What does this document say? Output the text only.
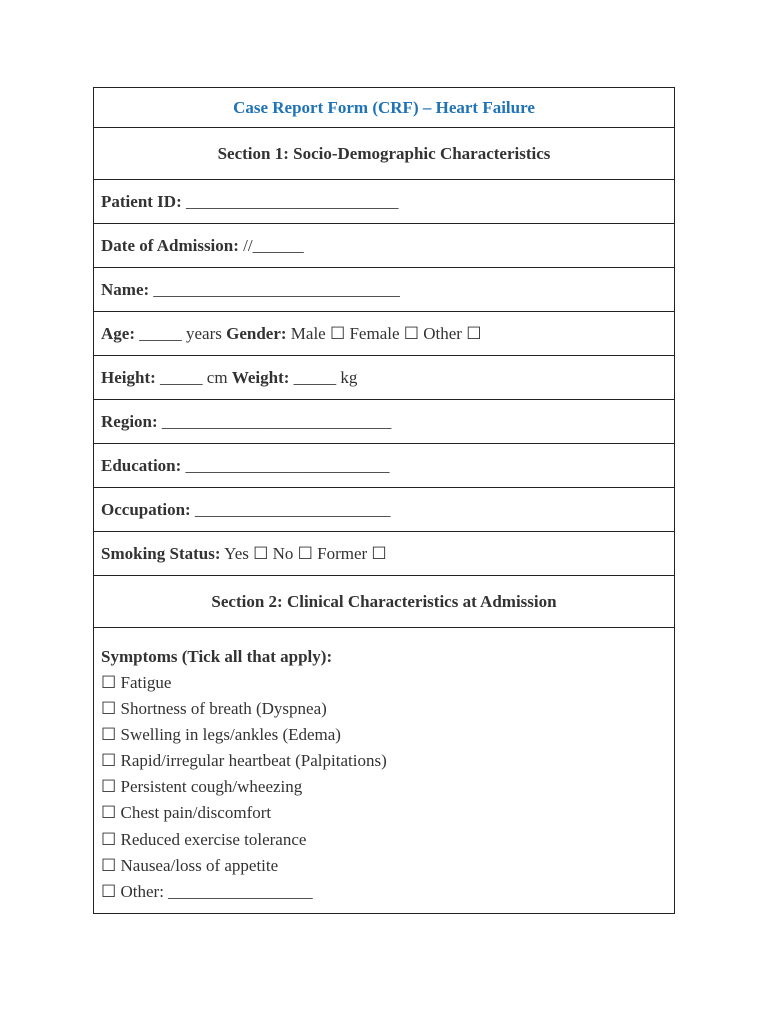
Case Report Form (CRF) – Heart Failure
Section 1: Socio-Demographic Characteristics
Patient ID: _________________________
Date of Admission: //______
Name: _____________________________
Age: _____ years Gender: Male ☐ Female ☐ Other ☐
Height: _____ cm Weight: _____ kg
Region: ___________________________
Education: ________________________
Occupation: _______________________
Smoking Status: Yes ☐ No ☐ Former ☐
Section 2: Clinical Characteristics at Admission

Symptoms (Tick all that apply):
☐ Fatigue
☐ Shortness of breath (Dyspnea)
☐ Swelling in legs/ankles (Edema)
☐ Rapid/irregular heartbeat (Palpitations)
☐ Persistent cough/wheezing
☐ Chest pain/discomfort
☐ Reduced exercise tolerance
☐ Nausea/loss of appetite
☐ Other: _________________
